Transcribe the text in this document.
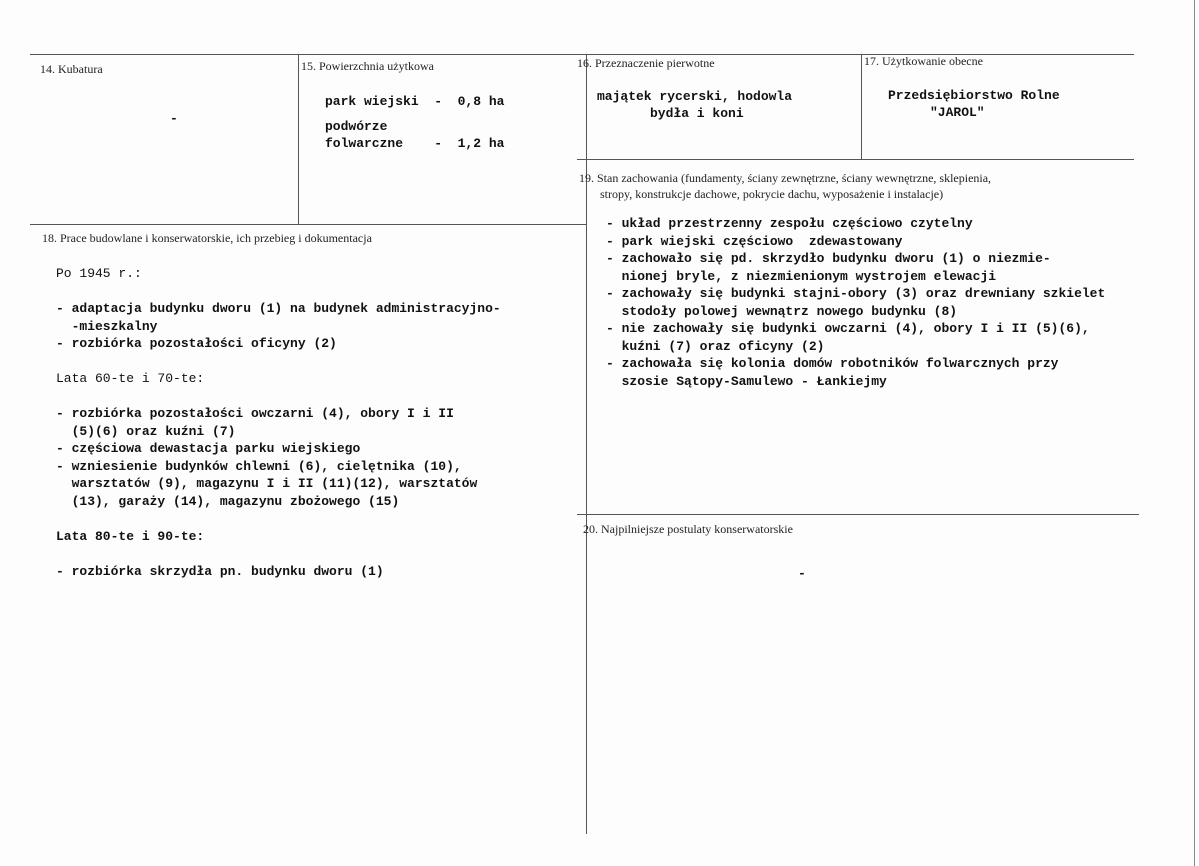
14. Kubatura
-
15. Powierzchnia użytkowa
park wiejski  -  0,8 ha
podwórze
folwarczne    -  1,2 ha
16. Przeznaczenie pierwotne
majątek rycerski, hodowla
bydła i koni
17. Użytkowanie obecne
Przedsiębiorstwo Rolne
"JAROL"
18. Prace budowlane i konserwatorskie, ich przebieg i dokumentacja
Po 1945 r.:

- adaptacja budynku dworu (1) na budynek administracyjno-
-mieszkalny
- rozbiórka pozostałości oficyny (2)

Lata 60-te i 70-te:

- rozbiórka pozostałości owczarni (4), obory I i II
(5)(6) oraz kuźni (7)
- częściowa dewastacja parku wiejskiego
- wzniesienie budynków chlewni (6), cielętnika (10),
warsztatów (9), magazynu I i II (11)(12), warsztatów
(13), garaży (14), magazynu zbożowego (15)

Lata 80-te i 90-te:

- rozbiórka skrzydła pn. budynku dworu (1)
19. Stan zachowania (fundamenty, ściany zewnętrzne, ściany wewnętrzne, sklepienia,
stropy, konstrukcje dachowe, pokrycie dachu, wyposażenie i instalacje)
- układ przestrzenny zespołu częściowo czytelny
- park wiejski częściowo  zdewastowany
- zachowało się pd. skrzydło budynku dworu (1) o niezmie-
nionej bryle, z niezmienionym wystrojem elewacji
- zachowały się budynki stajni-obory (3) oraz drewniany szkielet
stodoły polowej wewnątrz nowego budynku (8)
- nie zachowały się budynki owczarni (4), obory I i II (5)(6),
kuźni (7) oraz oficyny (2)
- zachowała się kolonia domów robotników folwarcznych przy
szosie Sątopy-Samulewo - Łankiejmy
20. Najpilniejsze postulaty konserwatorskie
-
